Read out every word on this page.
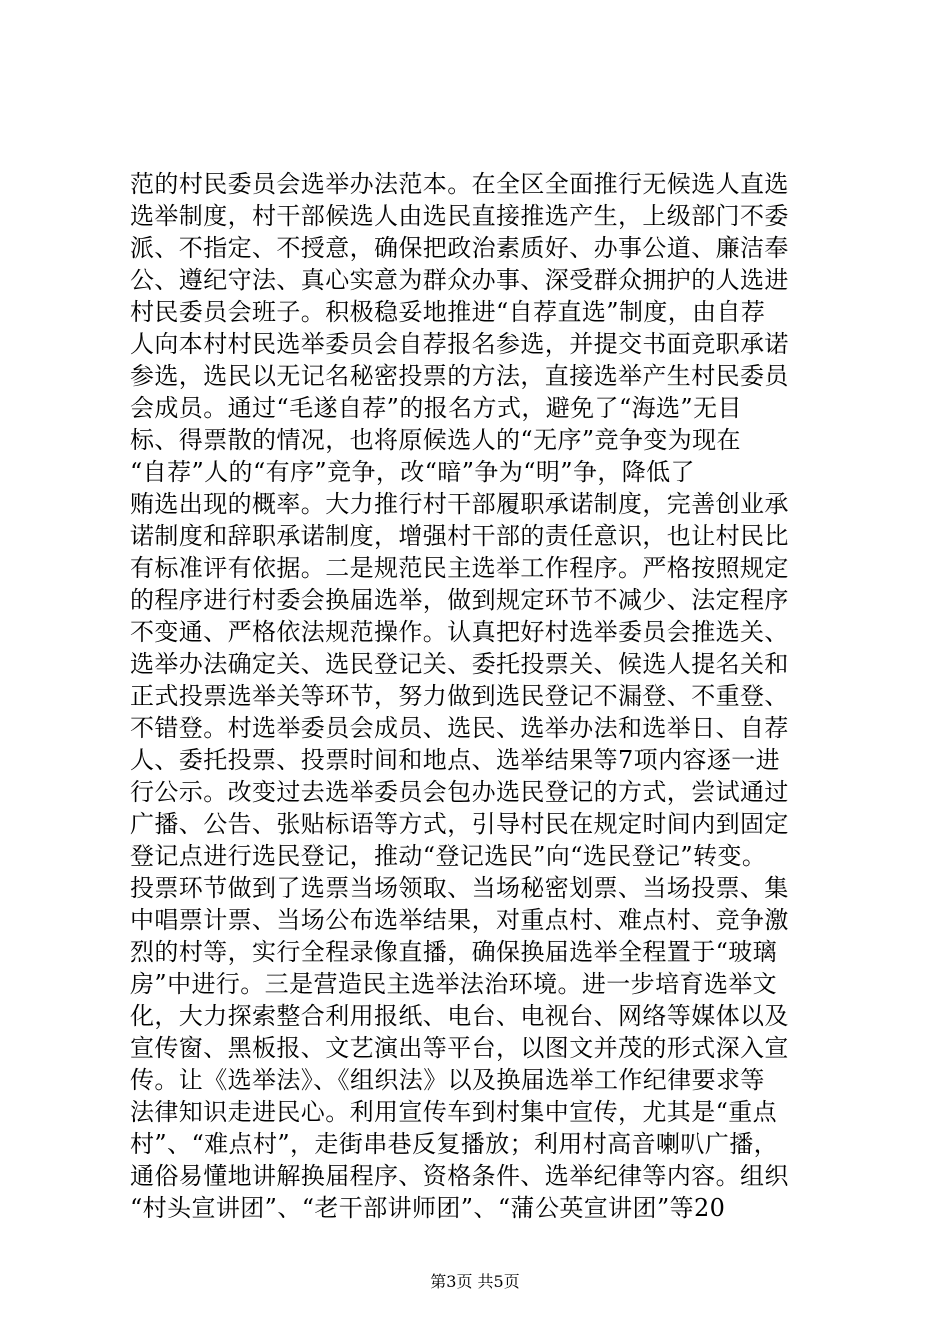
范的村民委员会选举办法范本。在全区全面推行无候选人直选
选举制度，村干部候选人由选民直接推选产生，上级部门不委
派、不指定、不授意，确保把政治素质好、办事公道、廉洁奉
公、遵纪守法、真心实意为群众办事、深受群众拥护的人选进
村民委员会班子。积极稳妥地推进“自荐直选”制度，由自荐
人向本村村民选举委员会自荐报名参选，并提交书面竞职承诺
参选，选民以无记名秘密投票的方法，直接选举产生村民委员
会成员。通过“毛遂自荐”的报名方式，避免了“海选”无目
标、得票散的情况，也将原候选人的“无序”竞争变为现在
“自荐”人的“有序”竞争，改“暗”争为“明”争，降低了
贿选出现的概率。大力推行村干部履职承诺制度，完善创业承
诺制度和辞职承诺制度，增强村干部的责任意识，也让村民比
有标准评有依据。二是规范民主选举工作程序。严格按照规定
的程序进行村委会换届选举，做到规定环节不减少、法定程序
不变通、严格依法规范操作。认真把好村选举委员会推选关、
选举办法确定关、选民登记关、委托投票关、候选人提名关和
正式投票选举关等环节，努力做到选民登记不漏登、不重登、
不错登。村选举委员会成员、选民、选举办法和选举日、自荐
人、委托投票、投票时间和地点、选举结果等7项内容逐一进
行公示。改变过去选举委员会包办选民登记的方式，尝试通过
广播、公告、张贴标语等方式，引导村民在规定时间内到固定
登记点进行选民登记，推动“登记选民”向“选民登记”转变。
投票环节做到了选票当场领取、当场秘密划票、当场投票、集
中唱票计票、当场公布选举结果，对重点村、难点村、竞争激
烈的村等，实行全程录像直播，确保换届选举全程置于“玻璃
房”中进行。三是营造民主选举法治环境。进一步培育选举文
化，大力探索整合利用报纸、电台、电视台、网络等媒体以及
宣传窗、黑板报、文艺演出等平台，以图文并茂的形式深入宣
传。让《选举法》、《组织法》以及换届选举工作纪律要求等
法律知识走进民心。利用宣传车到村集中宣传，尤其是“重点
村”、“难点村”，走街串巷反复播放；利用村高音喇叭广播，
通俗易懂地讲解换届程序、资格条件、选举纪律等内容。组织
“村头宣讲团”、“老干部讲师团”、“蒲公英宣讲团”等20
第3页 共5页
